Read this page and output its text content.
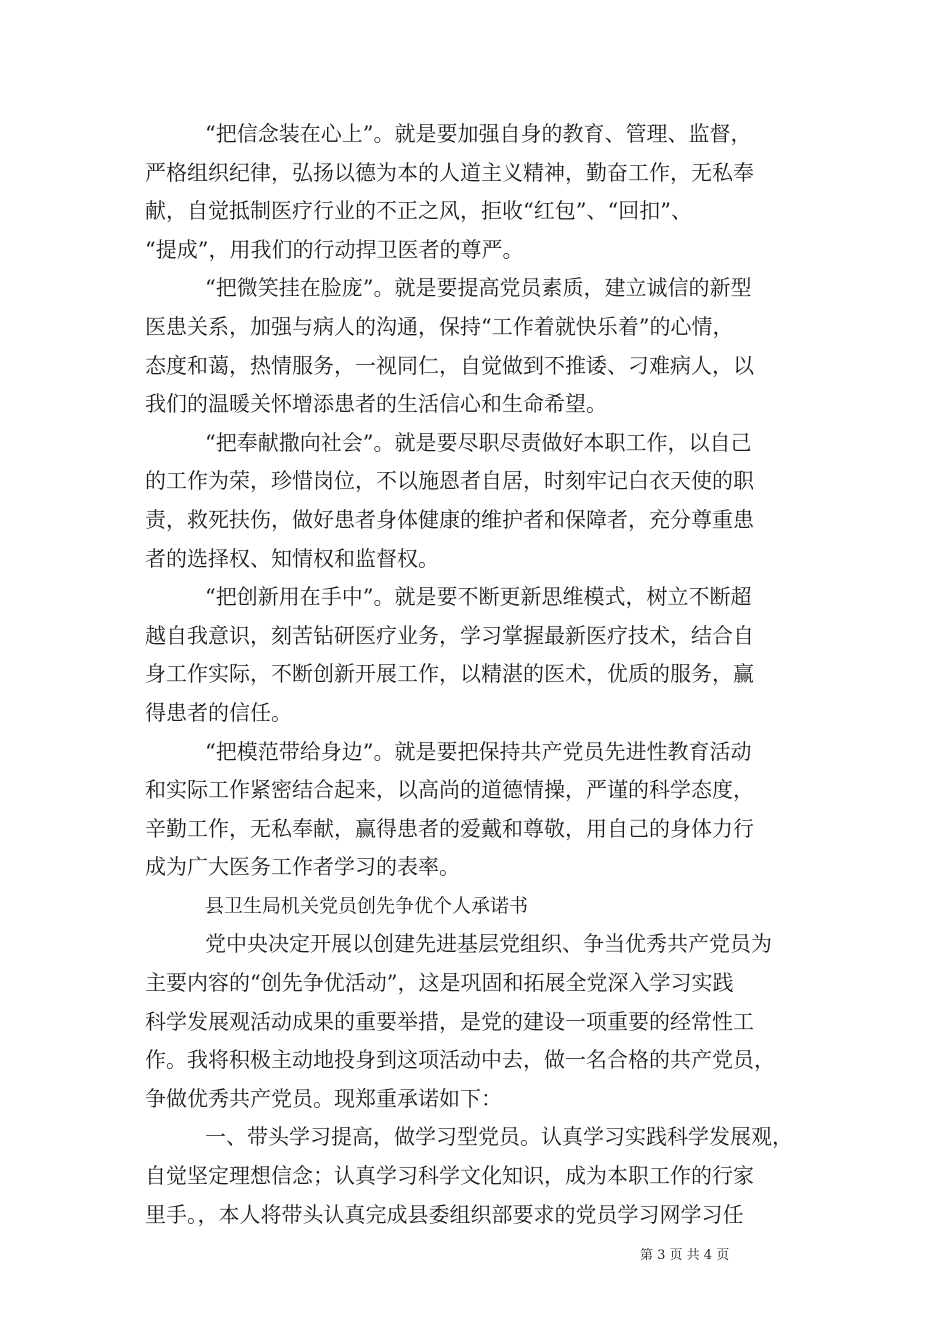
“把信念装在心上”。就是要加强自身的教育、管理、监督，
严格组织纪律，弘扬以德为本的人道主义精神，勤奋工作，无私奉
献，自觉抵制医疗行业的不正之风，拒收“红包”、“回扣”、
“提成”，用我们的行动捍卫医者的尊严。
“把微笑挂在脸庞”。就是要提高党员素质，建立诚信的新型
医患关系，加强与病人的沟通，保持“工作着就快乐着”的心情，
态度和蔼，热情服务，一视同仁，自觉做到不推诿、刁难病人，以
我们的温暖关怀增添患者的生活信心和生命希望。
“把奉献撒向社会”。就是要尽职尽责做好本职工作，以自己
的工作为荣，珍惜岗位，不以施恩者自居，时刻牢记白衣天使的职
责，救死扶伤，做好患者身体健康的维护者和保障者，充分尊重患
者的选择权、知情权和监督权。
“把创新用在手中”。就是要不断更新思维模式，树立不断超
越自我意识，刻苦钻研医疗业务，学习掌握最新医疗技术，结合自
身工作实际，不断创新开展工作，以精湛的医术，优质的服务，赢
得患者的信任。
“把模范带给身边”。就是要把保持共产党员先进性教育活动
和实际工作紧密结合起来，以高尚的道德情操，严谨的科学态度，
辛勤工作，无私奉献，赢得患者的爱戴和尊敬，用自己的身体力行
成为广大医务工作者学习的表率。
县卫生局机关党员创先争优个人承诺书
党中央决定开展以创建先进基层党组织、争当优秀共产党员为
主要内容的“创先争优活动”，这是巩固和拓展全党深入学习实践
科学发展观活动成果的重要举措，是党的建设一项重要的经常性工
作。我将积极主动地投身到这项活动中去，做一名合格的共产党员，
争做优秀共产党员。现郑重承诺如下：
一、带头学习提高，做学习型党员。认真学习实践科学发展观，
自觉坚定理想信念；认真学习科学文化知识，成为本职工作的行家
里手。，本人将带头认真完成县委组织部要求的党员学习网学习任
第 3 页 共 4 页
